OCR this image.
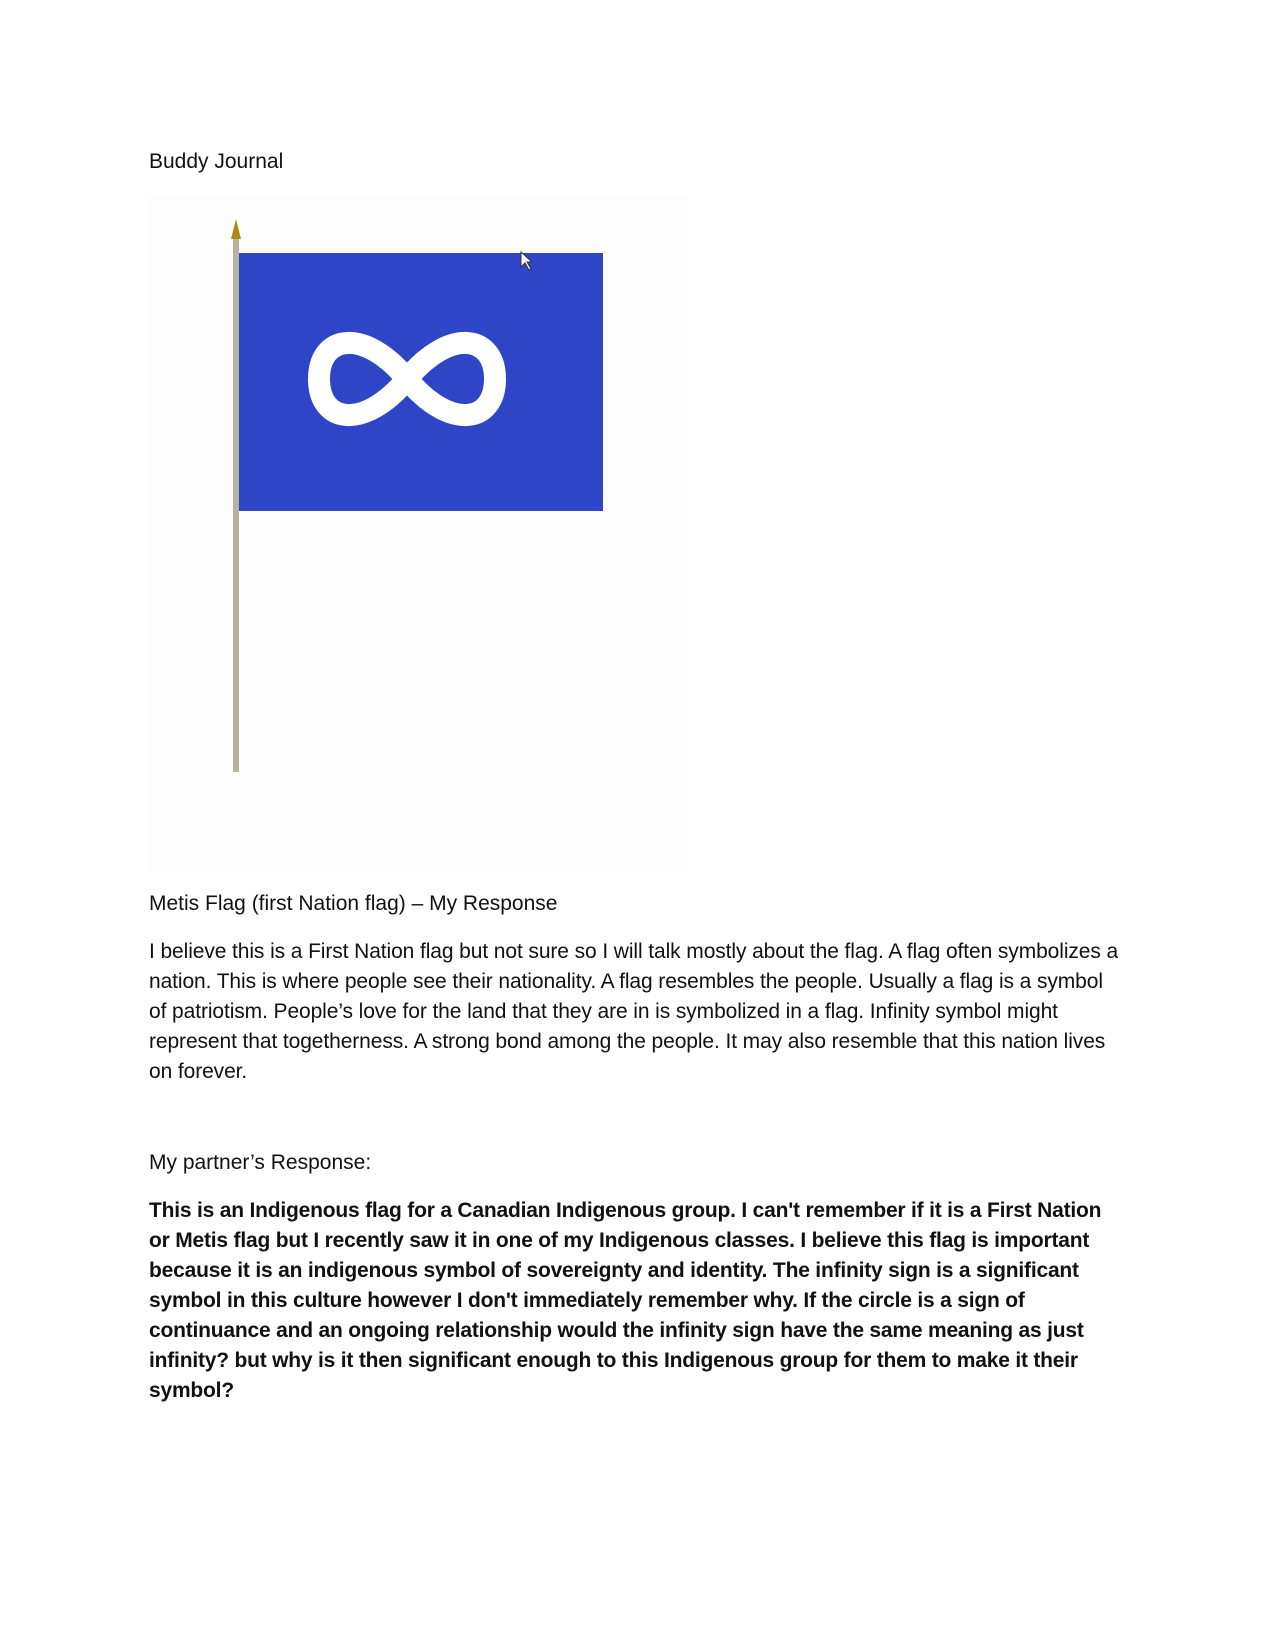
Buddy Journal

Metis Flag (first Nation flag) – My Response

I believe this is a First Nation flag but not sure so I will talk mostly about the flag. A flag often symbolizes a nation. This is where people see their nationality. A flag resembles the people. Usually a flag is a symbol of patriotism. People’s love for the land that they are in is symbolized in a flag. Infinity symbol might represent that togetherness. A strong bond among the people. It may also resemble that this nation lives on forever.

My partner’s Response:

This is an Indigenous flag for a Canadian Indigenous group. I can't remember if it is a First Nation or Metis flag but I recently saw it in one of my Indigenous classes. I believe this flag is important because it is an indigenous symbol of sovereignty and identity. The infinity sign is a significant symbol in this culture however I don't immediately remember why. If the circle is a sign of continuance and an ongoing relationship would the infinity sign have the same meaning as just infinity? but why is it then significant enough to this Indigenous group for them to make it their symbol?
